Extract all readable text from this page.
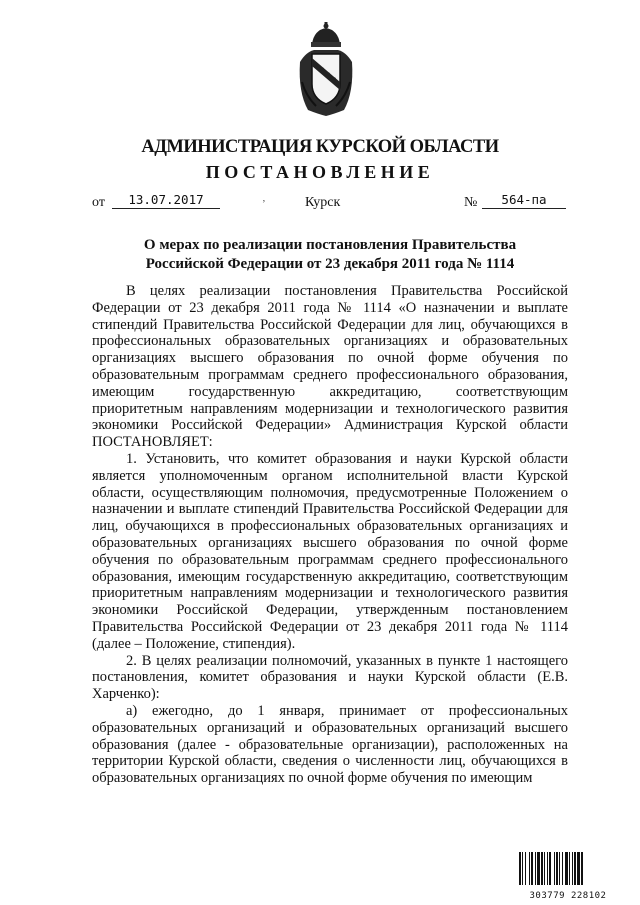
АДМИНИСТРАЦИЯ КУРСКОЙ ОБЛАСТИ
ПОСТАНОВЛЕНИЕ
от	13.07.2017	‚	Курск	№	564-па
О мерах по реализации постановления Правительства
Российской Федерации от 23 декабря 2011 года № 1114

В целях реализации постановления Правительства Российской Федерации от 23 декабря 2011 года № 1114 «О назначении и выплате стипендий Правительства Российской Федерации для лиц, обучающихся в профессиональных образовательных организациях и образовательных организациях высшего образования по очной форме обучения по образовательным программам среднего профессионального образования, имеющим государственную аккредитацию, соответствующим приоритетным направлениям модернизации и технологического развития экономики Российской Федерации» Администрация Курской области ПОСТАНОВЛЯЕТ:

1. Установить, что комитет образования и науки Курской области является уполномоченным органом исполнительной власти Курской области, осуществляющим полномочия, предусмотренные Положением о назначении и выплате стипендий Правительства Российской Федерации для лиц, обучающихся в профессиональных образовательных организациях и образовательных организациях высшего образования по очной форме обучения по образовательным программам среднего профессионального образования, имеющим государственную аккредитацию, соответствующим приоритетным направлениям модернизации и технологического развития экономики Российской Федерации, утвержденным постановлением Правительства Российской Федерации от 23 декабря 2011 года № 1114 (далее – Положение, стипендия).

2. В целях реализации полномочий, указанных в пункте 1 настоящего постановления, комитет образования и науки Курской области (Е.В. Харченко):

а) ежегодно, до 1 января, принимает от профессиональных образовательных организаций и образовательных организаций высшего образования (далее - образовательные организации), расположенных на территории Курской области, сведения о численности лиц, обучающихся в образовательных организациях по очной форме обучения по имеющим

303779 228102
